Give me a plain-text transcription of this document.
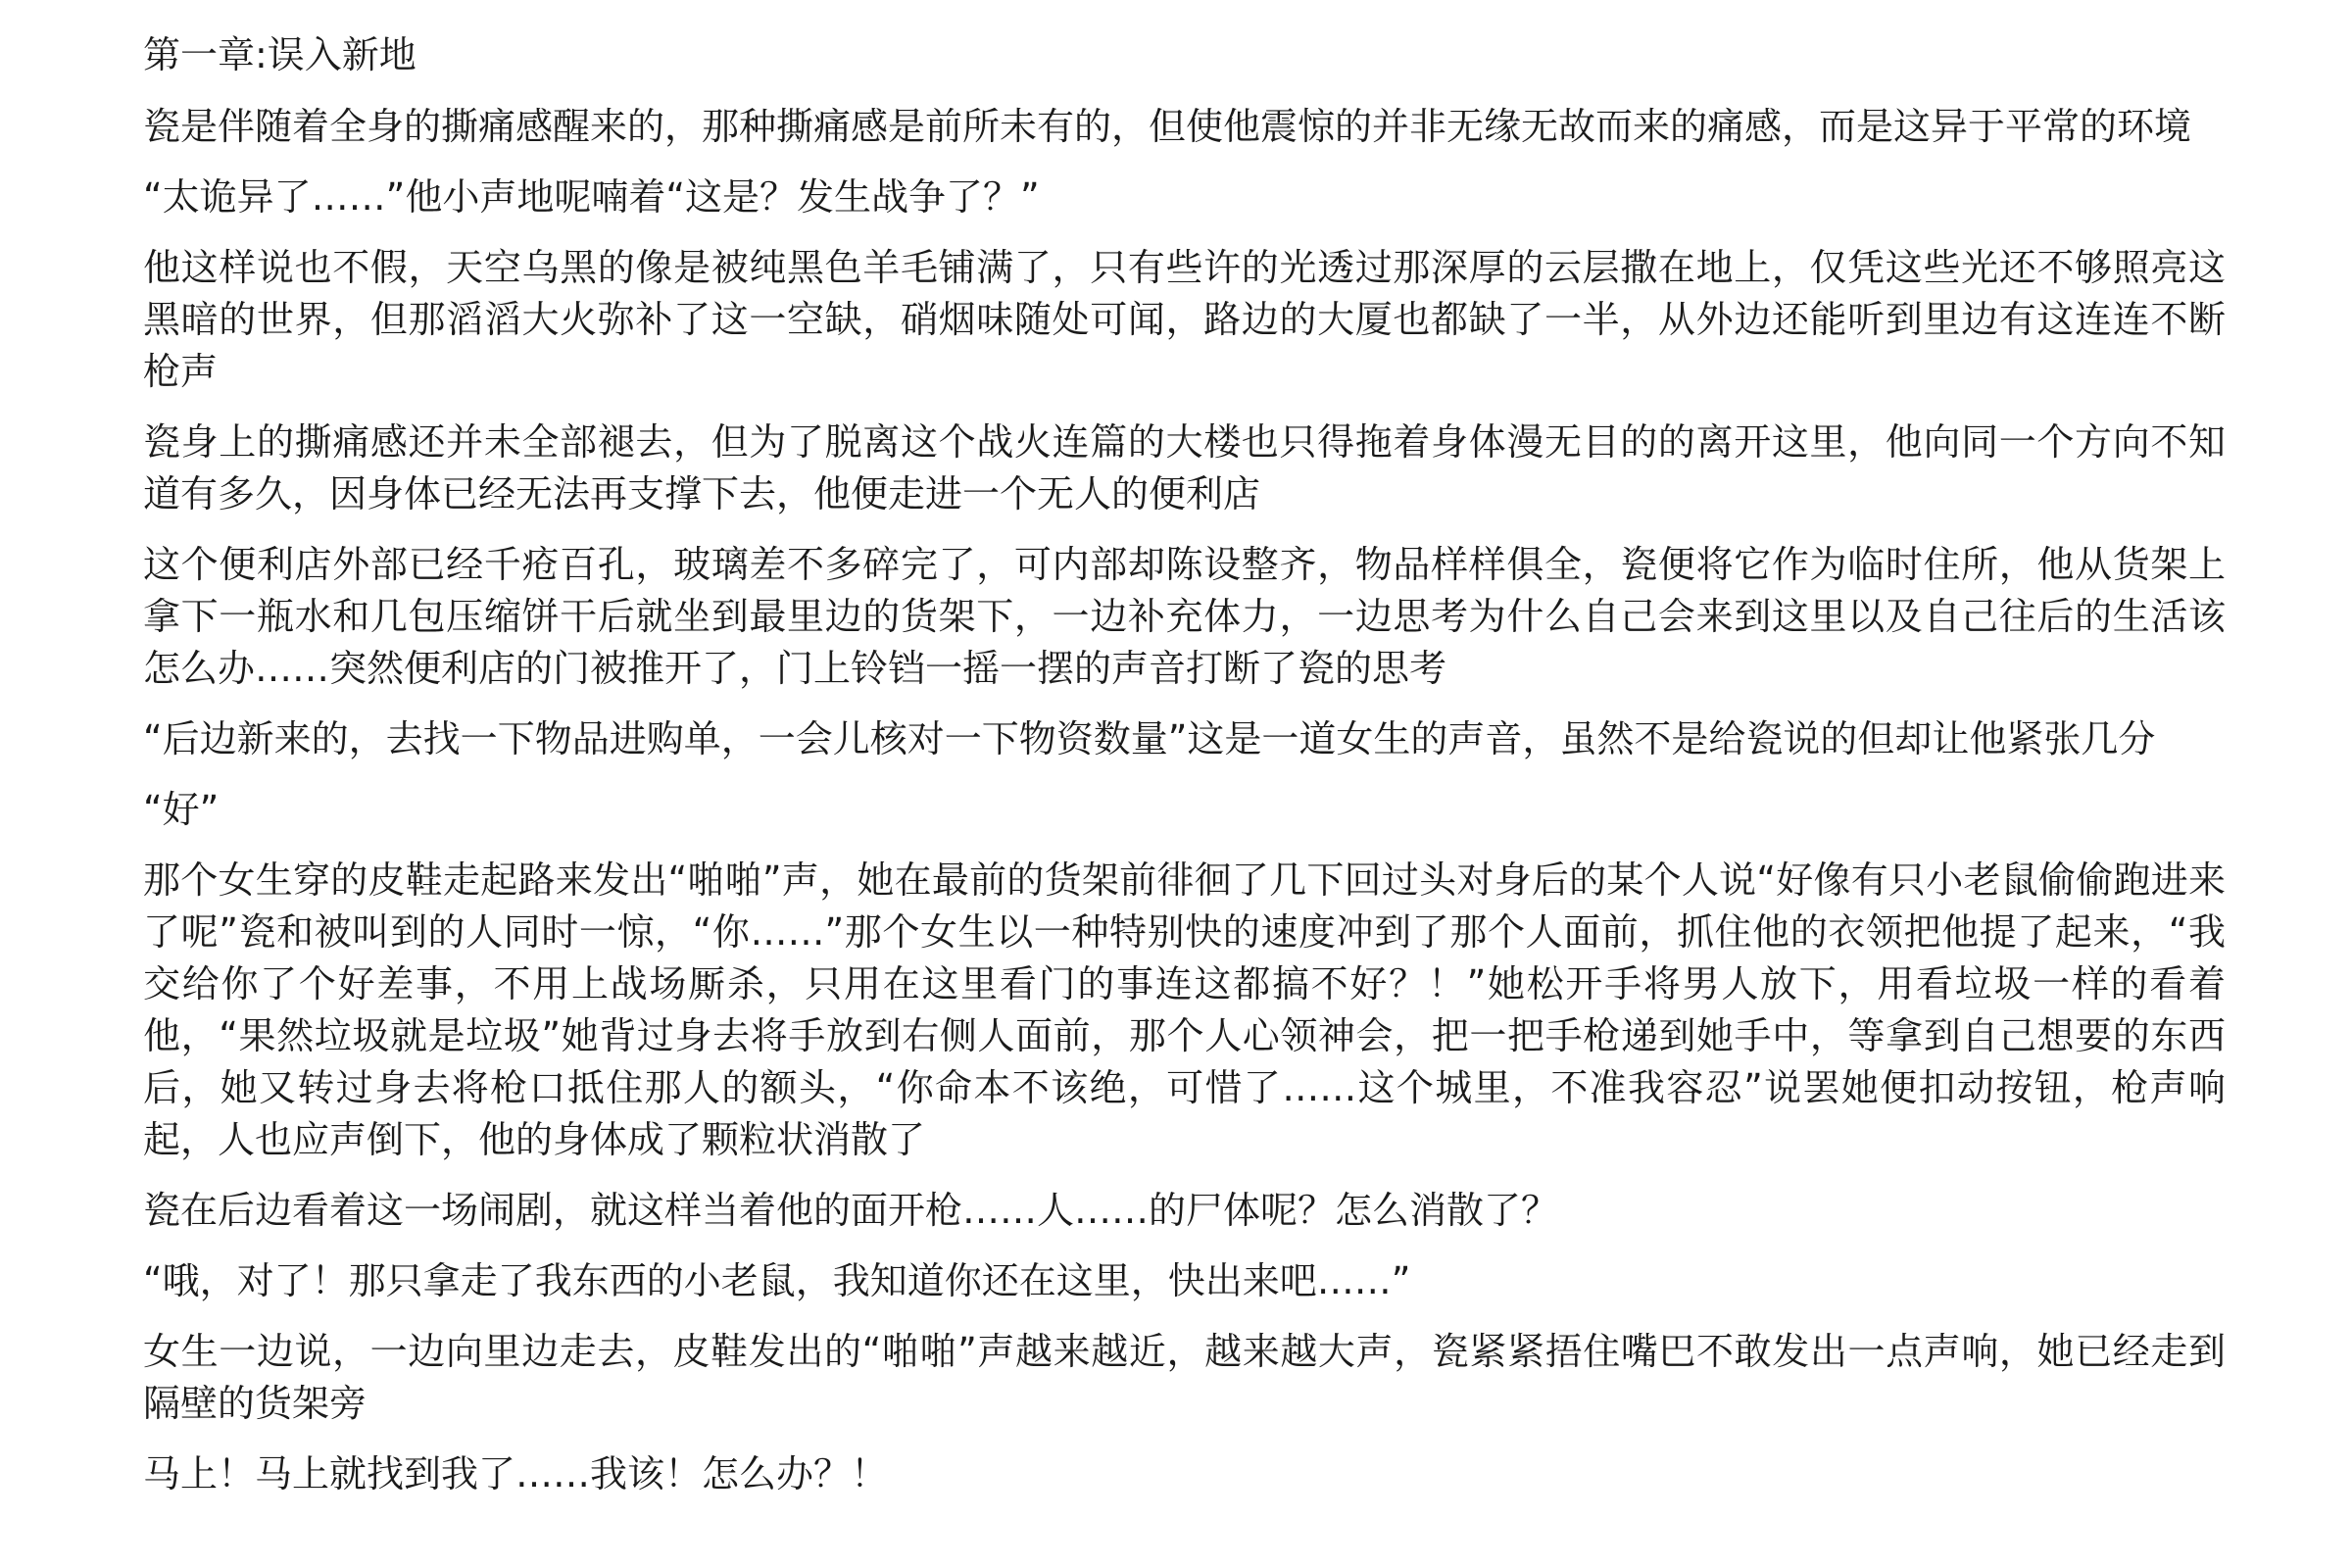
第一章:误入新地

瓷是伴随着全身的撕痛感醒来的，那种撕痛感是前所未有的，但使他震惊的并非无缘无故而来的痛感，而是这异于平常的环境

“太诡异了……”他小声地呢喃着“这是？发生战争了？”

他这样说也不假，天空乌黑的像是被纯黑色羊毛铺满了，只有些许的光透过那深厚的云层撒在地上，仅凭这些光还不够照亮这黑暗的世界，但那滔滔大火弥补了这一空缺，硝烟味随处可闻，路边的大厦也都缺了一半，从外边还能听到里边有这连连不断枪声

瓷身上的撕痛感还并未全部褪去，但为了脱离这个战火连篇的大楼也只得拖着身体漫无目的的离开这里，他向同一个方向不知道有多久，因身体已经无法再支撑下去，他便走进一个无人的便利店

这个便利店外部已经千疮百孔，玻璃差不多碎完了，可内部却陈设整齐，物品样样俱全，瓷便将它作为临时住所，他从货架上拿下一瓶水和几包压缩饼干后就坐到最里边的货架下，一边补充体力，一边思考为什么自己会来到这里以及自己往后的生活该怎么办……突然便利店的门被推开了，门上铃铛一摇一摆的声音打断了瓷的思考

“后边新来的，去找一下物品进购单，一会儿核对一下物资数量”这是一道女生的声音，虽然不是给瓷说的但却让他紧张几分

“好”

那个女生穿的皮鞋走起路来发出“啪啪”声，她在最前的货架前徘徊了几下回过头对身后的某个人说“好像有只小老鼠偷偷跑进来了呢”瓷和被叫到的人同时一惊，“你……”那个女生以一种特别快的速度冲到了那个人面前，抓住他的衣领把他提了起来，“我交给你了个好差事，不用上战场厮杀，只用在这里看门的事连这都搞不好？！”她松开手将男人放下，用看垃圾一样的看着他，“果然垃圾就是垃圾”她背过身去将手放到右侧人面前，那个人心领神会，把一把手枪递到她手中，等拿到自己想要的东西后，她又转过身去将枪口抵住那人的额头，“你命本不该绝，可惜了……这个城里，不准我容忍”说罢她便扣动按钮，枪声响起，人也应声倒下，他的身体成了颗粒状消散了

瓷在后边看着这一场闹剧，就这样当着他的面开枪……人……的尸体呢？怎么消散了？

“哦，对了！那只拿走了我东西的小老鼠，我知道你还在这里，快出来吧……”

女生一边说，一边向里边走去，皮鞋发出的“啪啪”声越来越近，越来越大声，瓷紧紧捂住嘴巴不敢发出一点声响，她已经走到隔壁的货架旁

马上！马上就找到我了……我该！怎么办？！
